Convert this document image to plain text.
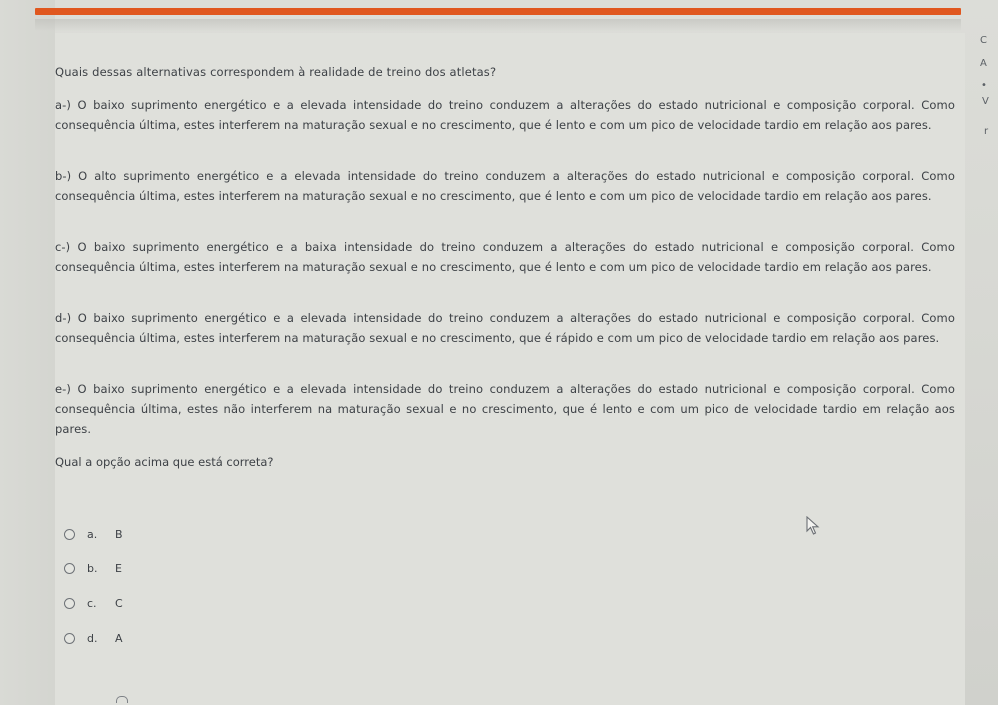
Quais dessas alternativas correspondem à realidade de treino dos atletas?
a-) O baixo suprimento energético e a elevada intensidade do treino conduzem a alterações do estado nutricional e composição corporal. Como consequência última, estes interferem na maturação sexual e no crescimento, que é lento e com um pico de velocidade tardio em relação aos pares.
b-) O alto suprimento energético e a elevada intensidade do treino conduzem a alterações do estado nutricional e composição corporal. Como consequência última, estes interferem na maturação sexual e no crescimento, que é lento e com um pico de velocidade tardio em relação aos pares.
c-) O baixo suprimento energético e a baixa intensidade do treino conduzem a alterações do estado nutricional e composição corporal. Como consequência última, estes interferem na maturação sexual e no crescimento, que é lento e com um pico de velocidade tardio em relação aos pares.
d-) O baixo suprimento energético e a elevada intensidade do treino conduzem a alterações do estado nutricional e composição corporal. Como consequência última, estes interferem na maturação sexual e no crescimento, que é rápido e com um pico de velocidade tardio em relação aos pares.
e-) O baixo suprimento energético e a elevada intensidade do treino conduzem a alterações do estado nutricional e composição corporal. Como consequência última, estes não interferem na maturação sexual e no crescimento, que é lento e com um pico de velocidade tardio em relação aos pares.
Qual a opção acima que está correta?
a.	B
b.	E
c.	C
d.	A
C
A
•
V
r
